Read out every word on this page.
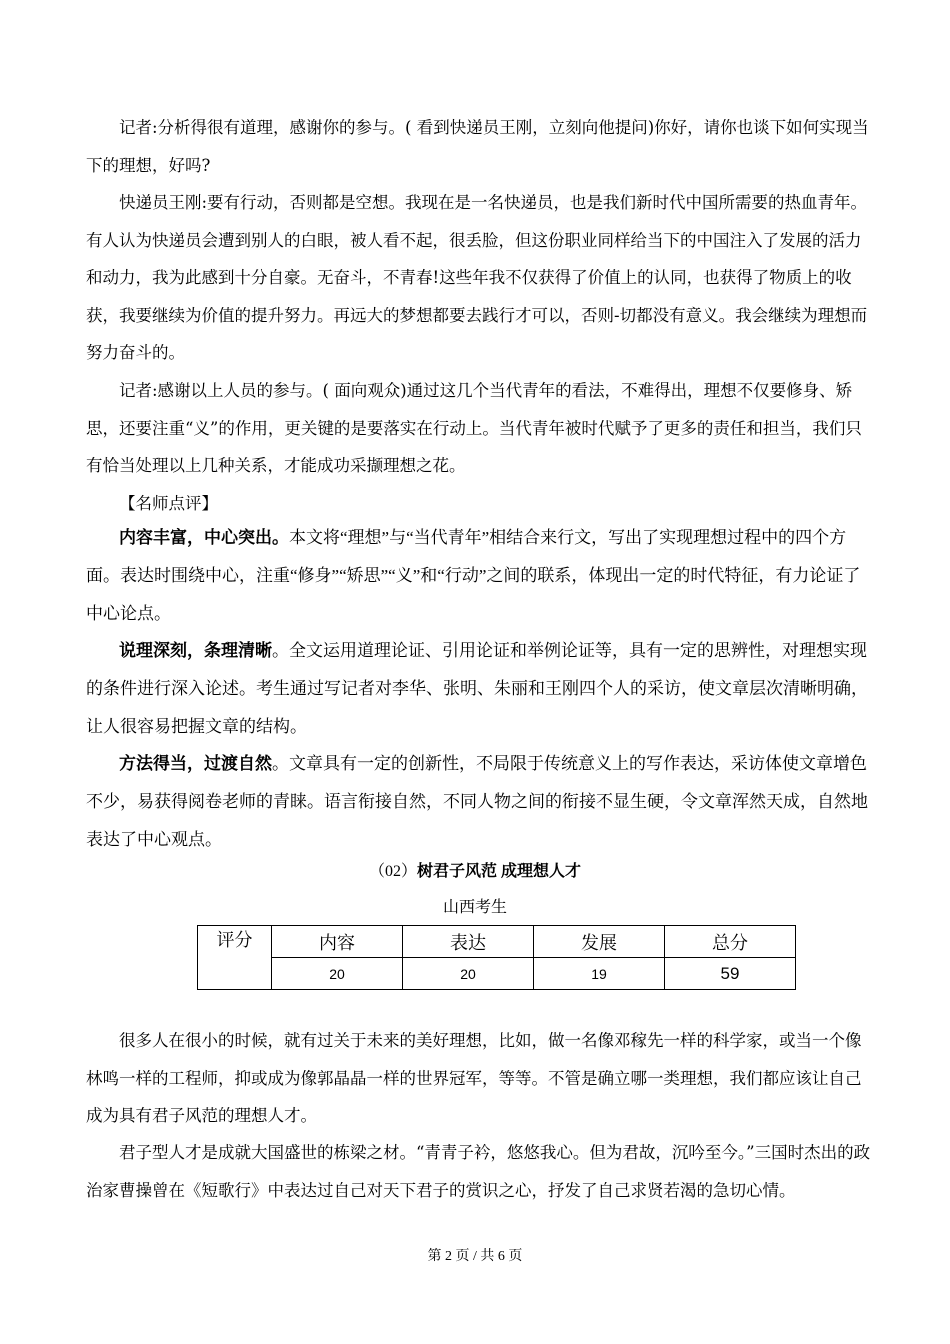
记者:分析得很有道理，感谢你的参与。( 看到快递员王刚，立刻向他提问)你好，请你也谈下如何实现当下的理想，好吗?

快递员王刚:要有行动，否则都是空想。我现在是一名快递员，也是我们新时代中国所需要的热血青年。有人认为快递员会遭到别人的白眼，被人看不起，很丢脸，但这份职业同样给当下的中国注入了发展的活力和动力，我为此感到十分自豪。无奋斗，不青春!这些年我不仅获得了价值上的认同，也获得了物质上的收获，我要继续为价值的提升努力。再远大的梦想都要去践行才可以，否则-切都没有意义。我会继续为理想而努力奋斗的。

记者:感谢以上人员的参与。( 面向观众)通过这几个当代青年的看法，不难得出，理想不仅要修身、矫思，还要注重“义”的作用，更关键的是要落实在行动上。当代青年被时代赋予了更多的责任和担当，我们只有恰当处理以上几种关系，才能成功采撷理想之花。

【名师点评】

内容丰富，中心突出。本文将“理想”与“当代青年”相结合来行文，写出了实现理想过程中的四个方面。表达时围绕中心，注重“修身”“矫思”“义”和“行动”之间的联系，体现出一定的时代特征，有力论证了中心论点。

说理深刻，条理清晰。全文运用道理论证、引用论证和举例论证等，具有一定的思辨性，对理想实现的条件进行深入论述。考生通过写记者对李华、张明、朱丽和王刚四个人的采访，使文章层次清晰明确，让人很容易把握文章的结构。

方法得当，过渡自然。文章具有一定的创新性，不局限于传统意义上的写作表达，采访体使文章增色不少，易获得阅卷老师的青睐。语言衔接自然，不同人物之间的衔接不显生硬，令文章浑然天成，自然地表达了中心观点。

（02）树君子风范 成理想人才
山西考生
评分	内容	表达	发展	总分
	20	20	19	59

很多人在很小的时候，就有过关于未来的美好理想，比如，做一名像邓稼先一样的科学家，或当一个像林鸣一样的工程师，抑或成为像郭晶晶一样的世界冠军，等等。不管是确立哪一类理想，我们都应该让自己成为具有君子风范的理想人才。

君子型人才是成就大国盛世的栋梁之材。“青青子衿，悠悠我心。但为君故，沉吟至今。”三国时杰出的政治家曹操曾在《短歌行》中表达过自己对天下君子的赏识之心，抒发了自己求贤若渴的急切心情。

第 2 页 / 共 6 页
